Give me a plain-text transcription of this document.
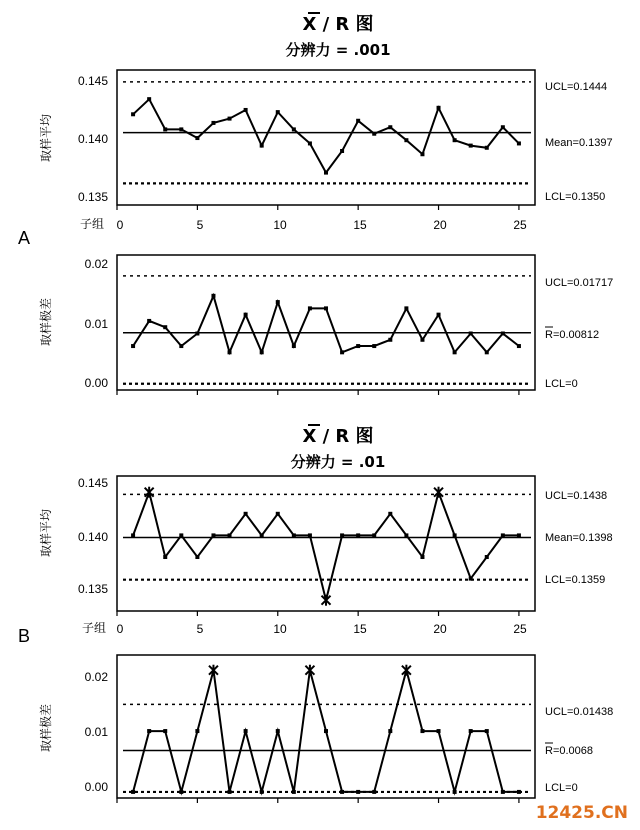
X / R 图
分辨力 = .001
A
取样平均
0.145
0.140
0.135
UCL=0.1444
Mean=0.1397
LCL=0.1350
子组 0	5	10	15	20	25
取样极差
0.02
0.01
0.00
UCL=0.01717
R=0.00812
LCL=0
X / R 图
分辨力 = .01
B
取样平均
0.145
0.140
0.135
UCL=0.1438
Mean=0.1398
LCL=0.1359
子组 0	5	10	15	20	25
取样极差
0.02
0.01
0.00
UCL=0.01438
R=0.0068
LCL=0
12425.CN
